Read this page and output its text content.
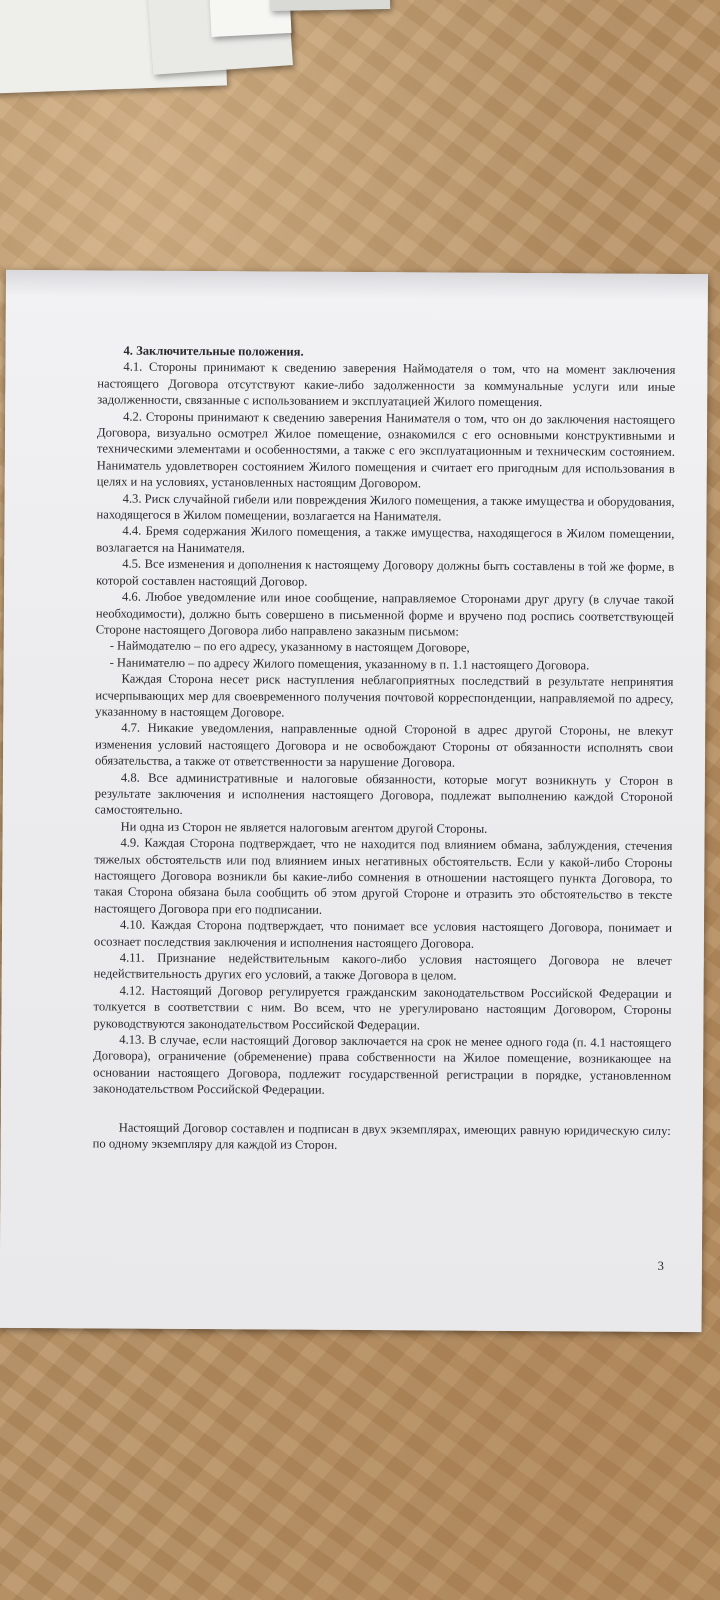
4. Заключительные положения.

4.1. Стороны принимают к сведению заверения Наймодателя о том, что на момент заключения настоящего Договора отсутствуют какие-либо задолженности за коммунальные услуги или иные задолженности, связанные с использованием и эксплуатацией Жилого помещения.

4.2. Стороны принимают к сведению заверения Нанимателя о том, что он до заключения настоящего Договора, визуально осмотрел Жилое помещение, ознакомился с его основными конструктивными и техническими элементами и особенностями, а также с его эксплуатационным и техническим состоянием. Наниматель удовлетворен состоянием Жилого помещения и считает его пригодным для использования в целях и на условиях, установленных настоящим Договором.

4.3. Риск случайной гибели или повреждения Жилого помещения, а также имущества и оборудования, находящегося в Жилом помещении, возлагается на Нанимателя.

4.4. Бремя содержания Жилого помещения, а также имущества, находящегося в Жилом помещении, возлагается на Нанимателя.

4.5. Все изменения и дополнения к настоящему Договору должны быть составлены в той же форме, в которой составлен настоящий Договор.

4.6. Любое уведомление или иное сообщение, направляемое Сторонами друг другу (в случае такой необходимости), должно быть совершено в письменной форме и вручено под роспись соответствующей Стороне настоящего Договора либо направлено заказным письмом:

- Наймодателю – по его адресу, указанному в настоящем Договоре,

- Нанимателю – по адресу Жилого помещения, указанному в п. 1.1 настоящего Договора.

Каждая Сторона несет риск наступления неблагоприятных последствий в результате непринятия исчерпывающих мер для своевременного получения почтовой корреспонденции, направляемой по адресу, указанному в настоящем Договоре.

4.7. Никакие уведомления, направленные одной Стороной в адрес другой Стороны, не влекут изменения условий настоящего Договора и не освобождают Стороны от обязанности исполнять свои обязательства, а также от ответственности за нарушение Договора.

4.8. Все административные и налоговые обязанности, которые могут возникнуть у Сторон в результате заключения и исполнения настоящего Договора, подлежат выполнению каждой Стороной самостоятельно.

Ни одна из Сторон не является налоговым агентом другой Стороны.

4.9. Каждая Сторона подтверждает, что не находится под влиянием обмана, заблуждения, стечения тяжелых обстоятельств или под влиянием иных негативных обстоятельств. Если у какой-либо Стороны настоящего Договора возникли бы какие-либо сомнения в отношении настоящего пункта Договора, то такая Сторона обязана была сообщить об этом другой Стороне и отразить это обстоятельство в тексте настоящего Договора при его подписании.

4.10. Каждая Сторона подтверждает, что понимает все условия настоящего Договора, понимает и осознает последствия заключения и исполнения настоящего Договора.

4.11. Признание недействительным какого-либо условия настоящего Договора не влечет недействительность других его условий, а также Договора в целом.

4.12. Настоящий Договор регулируется гражданским законодательством Российской Федерации и толкуется в соответствии с ним. Во всем, что не урегулировано настоящим Договором, Стороны руководствуются законодательством Российской Федерации.

4.13. В случае, если настоящий Договор заключается на срок не менее одного года (п. 4.1 настоящего Договора), ограничение (обременение) права собственности на Жилое помещение, возникающее на основании настоящего Договора, подлежит государственной регистрации в порядке, установленном законодательством Российской Федерации.

Настоящий Договор составлен и подписан в двух экземплярах, имеющих равную юридическую силу: по одному экземпляру для каждой из Сторон.

3
